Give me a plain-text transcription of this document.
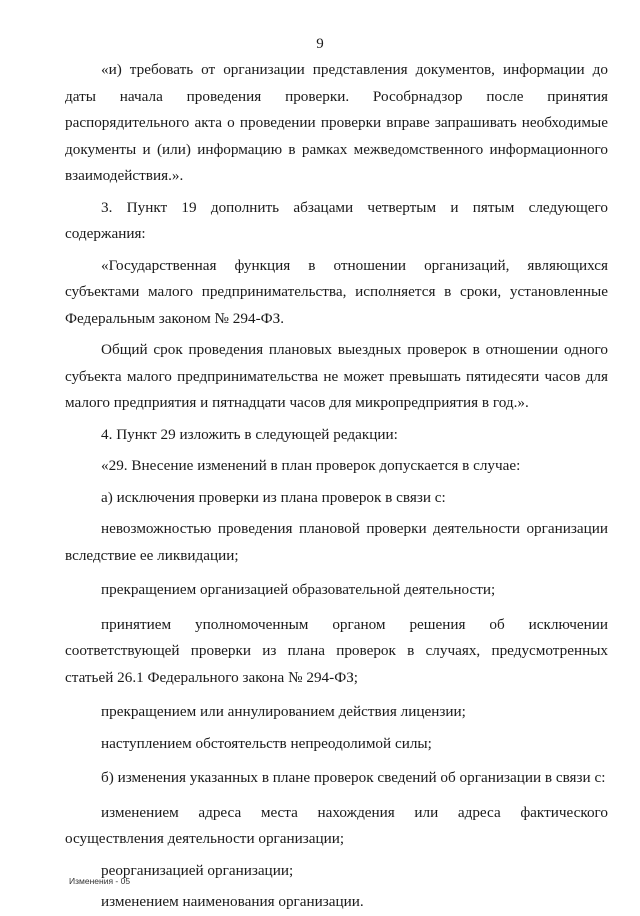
9

«и) требовать от организации представления документов, информации до даты начала проведения проверки. Рособрнадзор после принятия распорядительного акта о проведении проверки вправе запрашивать необходимые документы и (или) информацию в рамках межведомственного информационного взаимодействия.».

3. Пункт 19 дополнить абзацами четвертым и пятым следующего содержания:

«Государственная функция в отношении организаций, являющихся субъектами малого предпринимательства, исполняется в сроки, установленные Федеральным законом № 294-ФЗ.

Общий срок проведения плановых выездных проверок в отношении одного субъекта малого предпринимательства не может превышать пятидесяти часов для малого предприятия и пятнадцати часов для микропредприятия в год.».

4. Пункт 29 изложить в следующей редакции:

«29. Внесение изменений в план проверок допускается в случае:

а) исключения проверки из плана проверок в связи с:

невозможностью проведения плановой проверки деятельности организации вследствие ее ликвидации;

прекращением организацией образовательной деятельности;

принятием уполномоченным органом решения об исключении соответствующей проверки из плана проверок в случаях, предусмотренных статьей 26.1 Федерального закона № 294-ФЗ;

прекращением или аннулированием действия лицензии;

наступлением обстоятельств непреодолимой силы;

б) изменения указанных в плане проверок сведений об организации в связи с:

изменением адреса места нахождения или адреса фактического осуществления деятельности организации;

реорганизацией организации;

изменением наименования организации.

Изменения - 05
